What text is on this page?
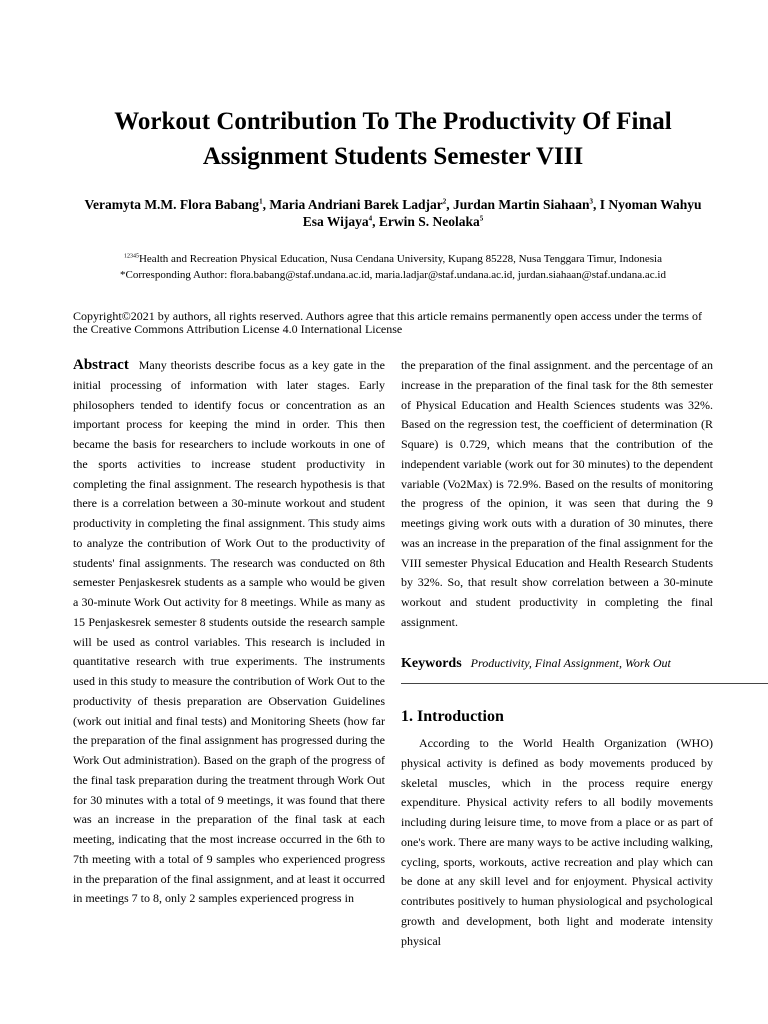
Workout Contribution To The Productivity Of Final Assignment Students Semester VIII
Veramyta M.M. Flora Babang$^1$, Maria Andriani Barek Ladjar$^2$, Jurdan Martin Siahaan$^3$, I Nyoman Wahyu Esa Wijaya$^4$, Erwin S. Neolaka$^5$
$^{12345}$Health and Recreation Physical Education, Nusa Cendana University, Kupang 85228, Nusa Tenggara Timur, Indonesia
*Corresponding Author: flora.babang@staf.undana.ac.id, maria.ladjar@staf.undana.ac.id, jurdan.siahaan@staf.undana.ac.id
Copyright©2021 by authors, all rights reserved. Authors agree that this article remains permanently open access under the terms of the Creative Commons Attribution License 4.0 International License
Abstract Many theorists describe focus as a key gate in the initial processing of information with later stages. Early philosophers tended to identify focus or concentration as an important process for keeping the mind in order. This then became the basis for researchers to include workouts in one of the sports activities to increase student productivity in completing the final assignment. The research hypothesis is that there is a correlation between a 30-minute workout and student productivity in completing the final assignment. This study aims to analyze the contribution of Work Out to the productivity of students' final assignments. The research was conducted on 8th semester Penjaskesrek students as a sample who would be given a 30-minute Work Out activity for 8 meetings. While as many as 15 Penjaskesrek semester 8 students outside the research sample will be used as control variables. This research is included in quantitative research with true experiments. The instruments used in this study to measure the contribution of Work Out to the productivity of thesis preparation are Observation Guidelines (work out initial and final tests) and Monitoring Sheets (how far the preparation of the final assignment has progressed during the Work Out administration). Based on the graph of the progress of the final task preparation during the treatment through Work Out for 30 minutes with a total of 9 meetings, it was found that there was an increase in the preparation of the final task at each meeting, indicating that the most increase occurred in the 6th to 7th meeting with a total of 9 samples who experienced progress in the preparation of the final assignment, and at least it occurred in meetings 7 to 8, only 2 samples experienced progress in
the preparation of the final assignment. and the percentage of an increase in the preparation of the final task for the 8th semester of Physical Education and Health Sciences students was 32%. Based on the regression test, the coefficient of determination (R Square) is 0.729, which means that the contribution of the independent variable (work out for 30 minutes) to the dependent variable (Vo2Max) is 72.9%. Based on the results of monitoring the progress of the opinion, it was seen that during the 9 meetings giving work outs with a duration of 30 minutes, there was an increase in the preparation of the final assignment for the VIII semester Physical Education and Health Research Students by 32%. So, that result show correlation between a 30-minute workout and student productivity in completing the final assignment.
Keywords Productivity, Final Assignment, Work Out
1. Introduction

According to the World Health Organization (WHO) physical activity is defined as body movements produced by skeletal muscles, which in the process require energy expenditure. Physical activity refers to all bodily movements including during leisure time, to move from a place or as part of one's work. There are many ways to be active including walking, cycling, sports, workouts, active recreation and play which can be done at any skill level and for enjoyment. Physical activity contributes positively to human physiological and psychological growth and development, both light and moderate intensity physical
